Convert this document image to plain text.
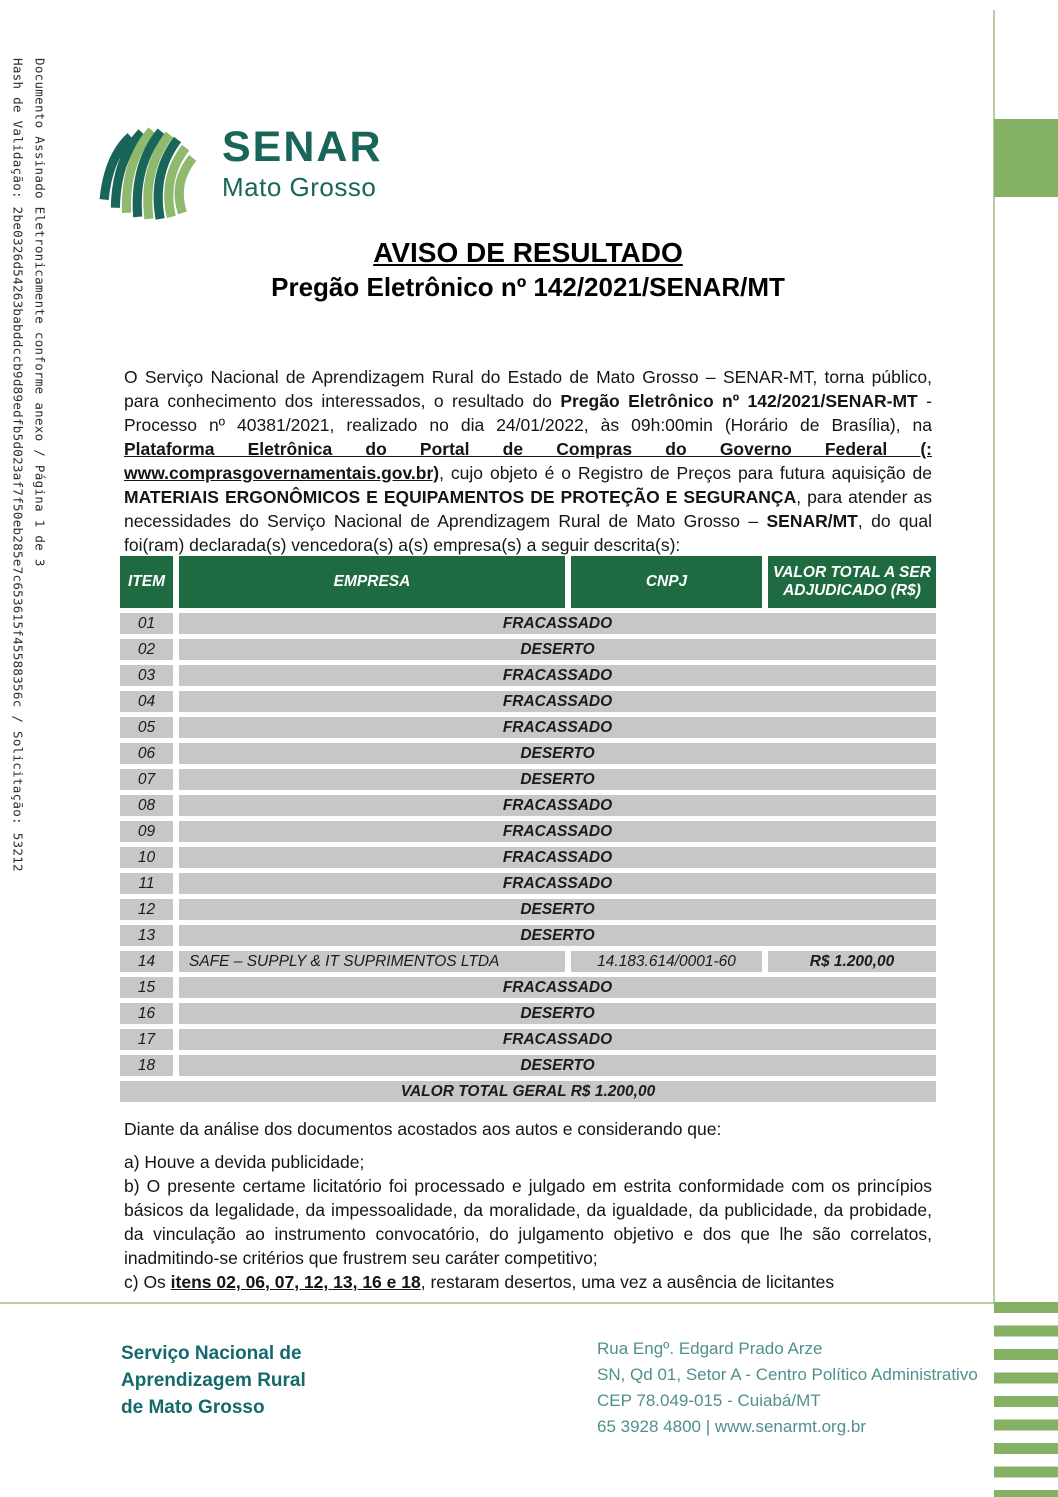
Documento Assinado Eletronicamente conforme anexo / Página 1 de 3
Hash de Validação: 2be0326d54263babddccb9d89edfb5d023af7f50eb285e7c653615f45588356c / Solicitação: 53212	SENAR
Mato Grosso

AVISO DE RESULTADO

Pregão Eletrônico nº 142/2021/SENAR/MT

O Serviço Nacional de Aprendizagem Rural do Estado de Mato Grosso – SENAR-MT, torna público, para conhecimento dos interessados, o resultado do Pregão Eletrônico nº 142/2021/SENAR-MT - Processo nº 40381/2021, realizado no dia 24/01/2022, às 09h:00min (Horário de Brasília), na Plataforma Eletrônica do Portal de Compras do Governo Federal (: www.comprasgovernamentais.gov.br), cujo objeto é o Registro de Preços para futura aquisição de MATERIAIS ERGONÔMICOS E EQUIPAMENTOS DE PROTEÇÃO E SEGURANÇA, para atender as necessidades do Serviço Nacional de Aprendizagem Rural de Mato Grosso – SENAR/MT, do qual foi(ram) declarada(s) vencedora(s) a(s) empresa(s) a seguir descrita(s):

ITEM	EMPRESA	CNPJ	VALOR TOTAL A SER ADJUDICADO (R$)
01	FRACASSADO		
02	DESERTO		
03	FRACASSADO		
04	FRACASSADO		
05	FRACASSADO		
06	DESERTO		
07	DESERTO		
08	FRACASSADO		
09	FRACASSADO		
10	FRACASSADO		
11	FRACASSADO		
12	DESERTO		
13	DESERTO		
14	SAFE – SUPPLY & IT SUPRIMENTOS LTDA	14.183.614/0001-60	R$ 1.200,00
15	FRACASSADO		
16	DESERTO		
17	FRACASSADO		
18	DESERTO		
VALOR TOTAL GERAL R$ 1.200,00			

Diante da análise dos documentos acostados aos autos e considerando que:

a) Houve a devida publicidade;

b) O presente certame licitatório foi processado e julgado em estrita conformidade com os princípios básicos da legalidade, da impessoalidade, da moralidade, da igualdade, da publicidade, da probidade, da vinculação ao instrumento convocatório, do julgamento objetivo e dos que lhe são correlatos, inadmitindo-se critérios que frustrem seu caráter competitivo;

c) Os itens 02, 06, 07, 12, 13, 16 e 18, restaram desertos, uma vez a ausência de licitantes

Serviço Nacional de
Aprendizagem Rural
de Mato Grosso
Rua Engº. Edgard Prado Arze
SN, Qd 01, Setor A - Centro Político Administrativo
CEP 78.049-015 - Cuiabá/MT
65 3928 4800 | www.senarmt.org.br
